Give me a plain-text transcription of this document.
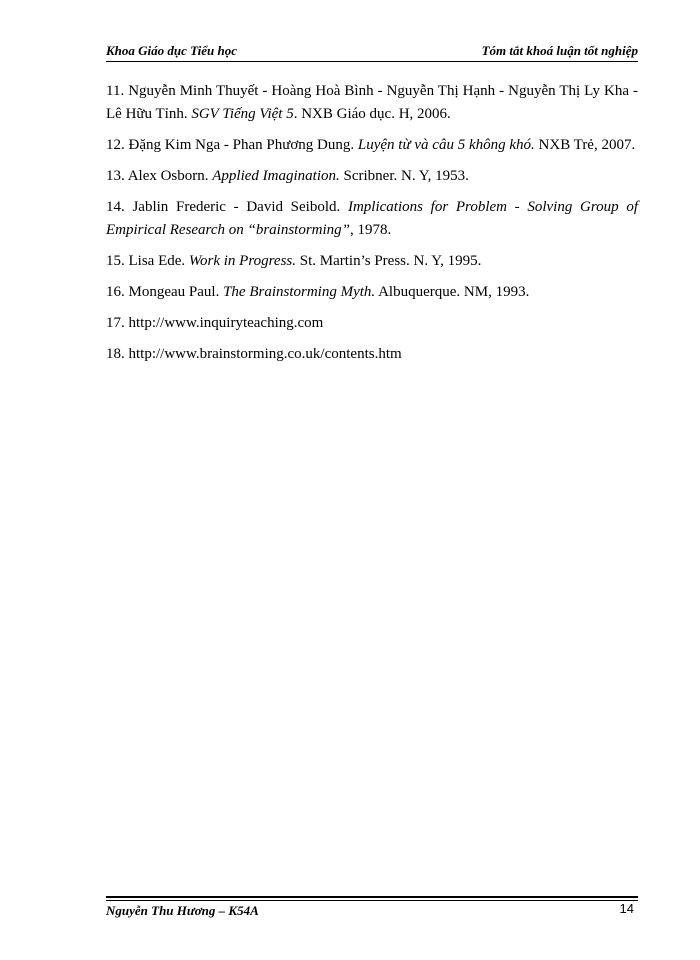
Khoa Giáo dục Tiểu học	Tóm tắt khoá luận tốt nghiệp

11. Nguyễn Minh Thuyết - Hoàng Hoà Bình - Nguyễn Thị Hạnh - Nguyễn Thị Ly Kha - Lê Hữu Tỉnh. SGV Tiếng Việt 5. NXB Giáo dục. H, 2006.

12. Đặng Kim Nga - Phan Phương Dung. Luyện từ và câu 5 không khó. NXB Trẻ, 2007.

13. Alex Osborn. Applied Imagination. Scribner. N. Y, 1953.

14. Jablin Frederic - David Seibold. Implications for Problem - Solving Group of Empirical Research on “brainstorming”, 1978.

15. Lisa Ede. Work in Progress. St. Martin’s Press. N. Y, 1995.

16. Mongeau Paul. The Brainstorming Myth. Albuquerque. NM, 1993.

17. http://www.inquiryteaching.com

18. http://www.brainstorming.co.uk/contents.htm

Nguyễn Thu Hương – K54A	14
